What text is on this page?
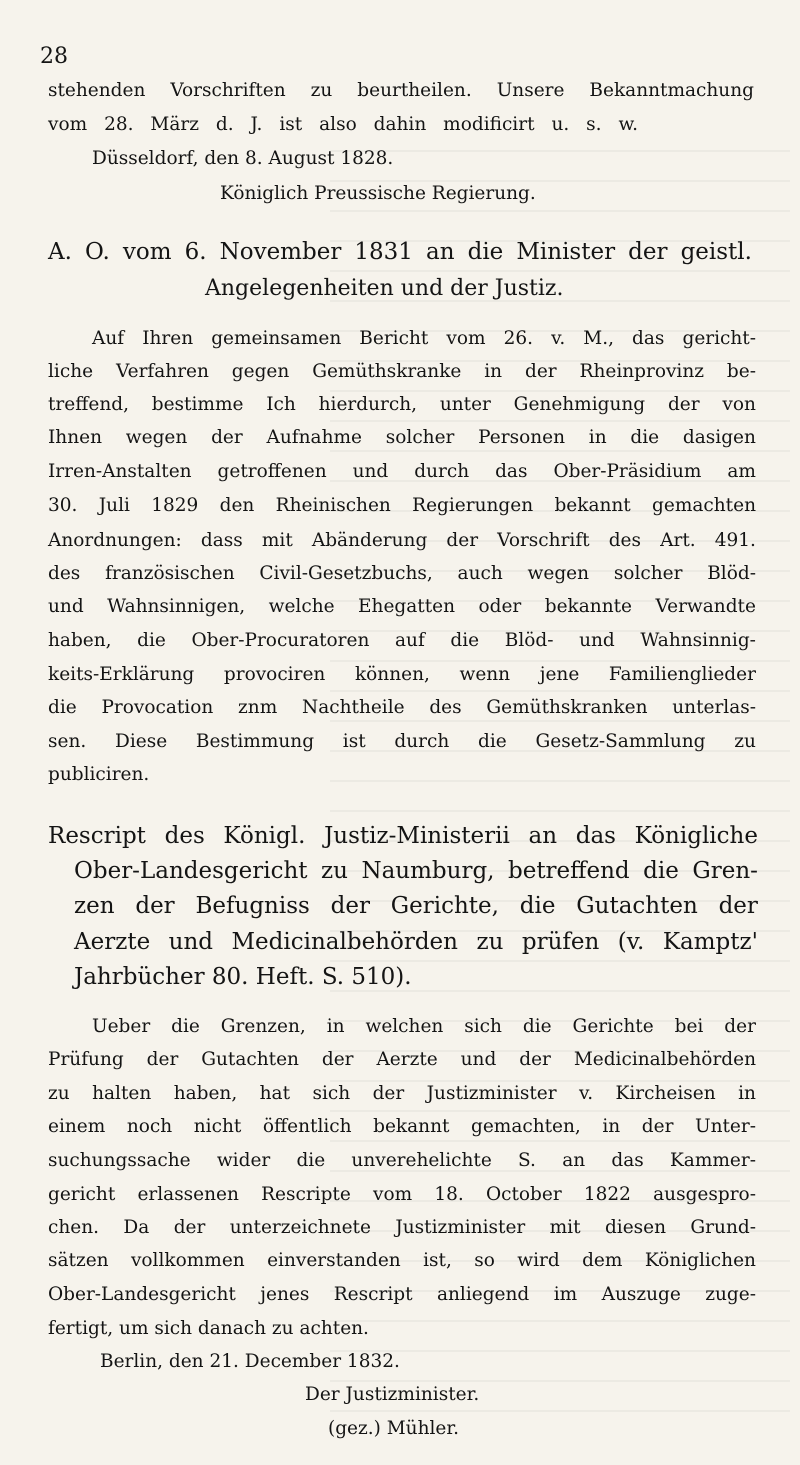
28
stehenden Vorschriften zu beurtheilen. Unsere Bekanntmachung
vom 28. März d. J. ist also dahin modificirt u. s. w.
Düsseldorf, den 8. August 1828.
Königlich Preussische Regierung.
A. O. vom 6. November 1831 an die Minister der geistl.
Angelegenheiten und der Justiz.
Auf Ihren gemeinsamen Bericht vom 26. v. M., das gericht-
liche Verfahren gegen Gemüthskranke in der Rheinprovinz be-
treffend, bestimme Ich hierdurch, unter Genehmigung der von
Ihnen wegen der Aufnahme solcher Personen in die dasigen
Irren-Anstalten getroffenen und durch das Ober-Präsidium am
30. Juli 1829 den Rheinischen Regierungen bekannt gemachten
Anordnungen: dass mit Abänderung der Vorschrift des Art. 491.
des französischen Civil-Gesetzbuchs, auch wegen solcher Blöd-
und Wahnsinnigen, welche Ehegatten oder bekannte Verwandte
haben, die Ober-Procuratoren auf die Blöd- und Wahnsinnig-
keits-Erklärung provociren können, wenn jene Familienglieder
die Provocation znm Nachtheile des Gemüthskranken unterlas-
sen. Diese Bestimmung ist durch die Gesetz-Sammlung zu
publiciren.
Rescript des Königl. Justiz-Ministerii an das Königliche
Ober-Landesgericht zu Naumburg, betreffend die Gren-
zen der Befugniss der Gerichte, die Gutachten der
Aerzte und Medicinalbehörden zu prüfen (v. Kamptz'
Jahrbücher 80. Heft. S. 510).
Ueber die Grenzen, in welchen sich die Gerichte bei der
Prüfung der Gutachten der Aerzte und der Medicinalbehörden
zu halten haben, hat sich der Justizminister v. Kircheisen in
einem noch nicht öffentlich bekannt gemachten, in der Unter-
suchungssache wider die unverehelichte S. an das Kammer-
gericht erlassenen Rescripte vom 18. October 1822 ausgespro-
chen. Da der unterzeichnete Justizminister mit diesen Grund-
sätzen vollkommen einverstanden ist, so wird dem Königlichen
Ober-Landesgericht jenes Rescript anliegend im Auszuge zuge-
fertigt, um sich danach zu achten.
Berlin, den 21. December 1832.
Der Justizminister.
(gez.) Mühler.
